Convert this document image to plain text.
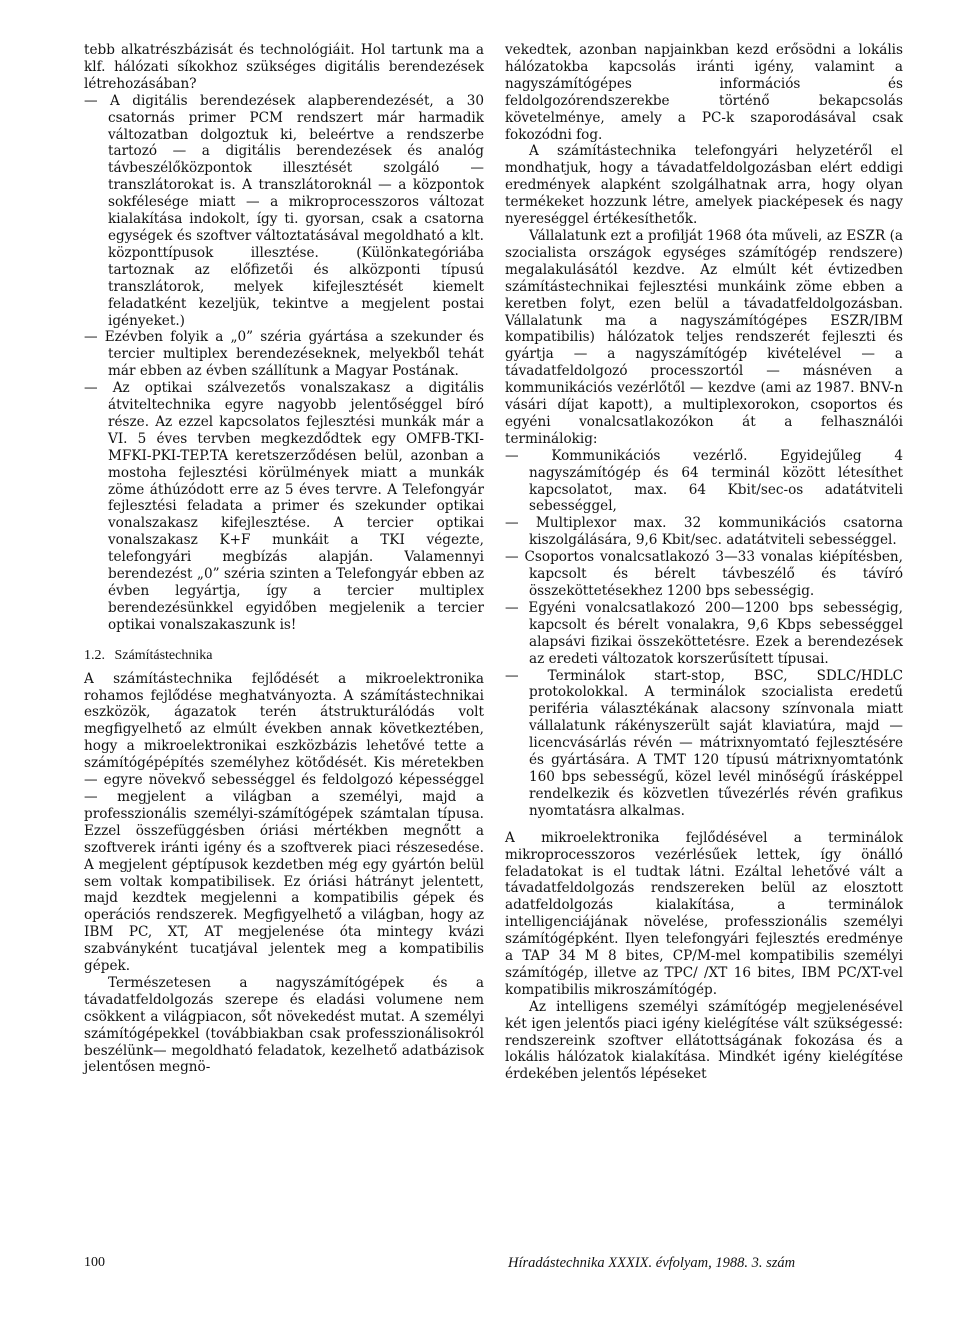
tebb alkatrészbázisát és technológiáit. Hol tartunk ma a klf. hálózati síkokhoz szükséges digitális berendezések létrehozásában?

— A digitális berendezések alapberendezését, a 30 csatornás primer PCM rendszert már harmadik változatban dolgoztuk ki, beleértve a rendszerbe tartozó — a digitális berendezések és analóg távbeszélőközpontok illesztését szolgáló — transzlátorokat is. A transzlátoroknál — a központok sokfélesége miatt — a mikroprocesszoros változat kialakítása indokolt, így ti. gyorsan, csak a csatorna egységek és szoftver változtatásával megoldható a klt. központtípusok illesztése. (Különkategóriába tartoznak az előfizetői és alközponti típusú transzlátorok, melyek kifejlesztését kiemelt feladatként kezeljük, tekintve a megjelent postai igényeket.)

— Ezévben folyik a „0” széria gyártása a szekunder és tercier multiplex berendezéseknek, melyekből tehát már ebben az évben szállítunk a Magyar Postának.

— Az optikai szálvezetős vonalszakasz a digitális átviteltechnika egyre nagyobb jelentőséggel bíró része. Az ezzel kapcsolatos fejlesztési munkák már a VI. 5 éves tervben megkezdődtek egy OMFB-TKI-MFKI-PKI-TEP.TA keretszerződésen belül, azonban a mostoha fejlesztési körülmények miatt a munkák zöme áthúzódott erre az 5 éves tervre. A Telefongyár fejlesztési feladata a primer és szekunder optikai vonalszakasz kifejlesztése. A tercier optikai vonalszakasz K+F munkáit a TKI végezte, telefongyári megbízás alapján. Valamennyi berendezést „0” széria szinten a Telefongyár ebben az évben legyártja, így a tercier multiplex berendezésünkkel egyidőben megjelenik a tercier optikai vonalszakaszunk is!

1.2. Számítástechnika

A számítástechnika fejlődését a mikroelektronika rohamos fejlődése meghatványozta. A számítástechnikai eszközök, ágazatok terén átstrukturálódás volt megfigyelhető az elmúlt években annak következtében, hogy a mikroelektronikai eszközbázis lehetővé tette a számítógépépítés személyhez kötődését. Kis méretekben — egyre növekvő sebességgel és feldolgozó képességgel — megjelent a világban a személyi, majd a professzionális személyi-számítógépek számtalan típusa. Ezzel összefüggésben óriási mértékben megnőtt a szoftverek iránti igény és a szoftverek piaci részesedése. A megjelent géptípusok kezdetben még egy gyártón belül sem voltak kompatibilisek. Ez óriási hátrányt jelentett, majd kezdtek megjelenni a kompatibilis gépek és operációs rendszerek. Megfigyelhető a világban, hogy az IBM PC, XT, AT megjelenése óta mintegy kvázi szabványként tucatjával jelentek meg a kompatibilis gépek.

Természetesen a nagyszámítógépek és a távadatfeldolgozás szerepe és eladási volumene nem csökkent a világpiacon, sőt növekedést mutat. A személyi számítógépekkel (továbbiakban csak professzionálisokról beszélünk— megoldható feladatok, kezelhető adatbázisok jelentősen megnö-

vekedtek, azonban napjainkban kezd erősödni a lokális hálózatokba kapcsolás iránti igény, valamint a nagyszámítógépes információs és feldolgozórendszerekbe történő bekapcsolás követelménye, amely a PC-k szaporodásával csak fokozódni fog.

A számítástechnika telefongyári helyzetéről el mondhatjuk, hogy a távadatfeldolgozásban elért eddigi eredmények alapként szolgálhatnak arra, hogy olyan termékeket hozzunk létre, amelyek piacképesek és nagy nyereséggel értékesíthetők.

Vállalatunk ezt a profilját 1968 óta műveli, az ESZR (a szocialista országok egységes számítógép rendszere) megalakulásától kezdve. Az elmúlt két évtizedben számítástechnikai fejlesztési munkáink zöme ebben a keretben folyt, ezen belül a távadatfeldolgozásban. Vállalatunk ma a nagyszámítógépes ESZR/IBM kompatibilis) hálózatok teljes rendszerét fejleszti és gyártja — a nagyszámítógép kivételével — a távadatfeldolgozó processzortól — másnéven a kommunikációs vezérlőtől — kezdve (ami az 1987. BNV-n vásári díjat kapott), a multiplexorokon, csoportos és egyéni vonalcsatlakozókon át a felhasználói terminálokig:

— Kommunikációs vezérlő. Egyidejűleg 4 nagyszámítógép és 64 terminál között létesíthet kapcsolatot, max. 64 Kbit/sec-os adatátviteli sebességgel,

— Multiplexor max. 32 kommunikációs csatorna kiszolgálására, 9,6 Kbit/sec. adatátviteli sebességgel.

— Csoportos vonalcsatlakozó 3—33 vonalas kiépítésben, kapcsolt és bérelt távbeszélő és távíró összeköttetésekhez 1200 bps sebességig.

— Egyéni vonalcsatlakozó 200—1200 bps sebességig, kapcsolt és bérelt vonalakra, 9,6 Kbps sebességgel alapsávi fizikai összeköttetésre. Ezek a berendezések az eredeti változatok korszerűsített típusai.

— Terminálok start-stop, BSC, SDLC/HDLC protokolokkal. A terminálok szocialista eredetű periféria választékának alacsony színvonala miatt vállalatunk rákényszerült saját klaviatúra, majd — licencvásárlás révén — mátrixnyomtató fejlesztésére és gyártására. A TMT 120 típusú mátrixnyomtatónk 160 bps sebességű, közel levél minőségű írásképpel rendelkezik és közvetlen tűvezérlés révén grafikus nyomtatásra alkalmas.

A mikroelektronika fejlődésével a terminálok mikroprocesszoros vezérlésűek lettek, így önálló feladatokat is el tudtak látni. Ezáltal lehetővé vált a távadatfeldolgozás rendszereken belül az elosztott adatfeldolgozás kialakítása, a terminálok intelligenciájának növelése, professzionális személyi számítógépként. Ilyen telefongyári fejlesztés eredménye a TAP 34 M 8 bites, CP/M-mel kompatibilis személyi számítógép, illetve az TPC/ /XT 16 bites, IBM PC/XT-vel kompatibilis mikroszámítógép.

Az intelligens személyi számítógép megjelenésével két igen jelentős piaci igény kielégítése vált szükségessé: rendszereink szoftver ellátottságának fokozása és a lokális hálózatok kialakítása. Mindkét igény kielégítése érdekében jelentős lépéseket

100	Híradástechnika XXXIX. évfolyam, 1988. 3. szám
